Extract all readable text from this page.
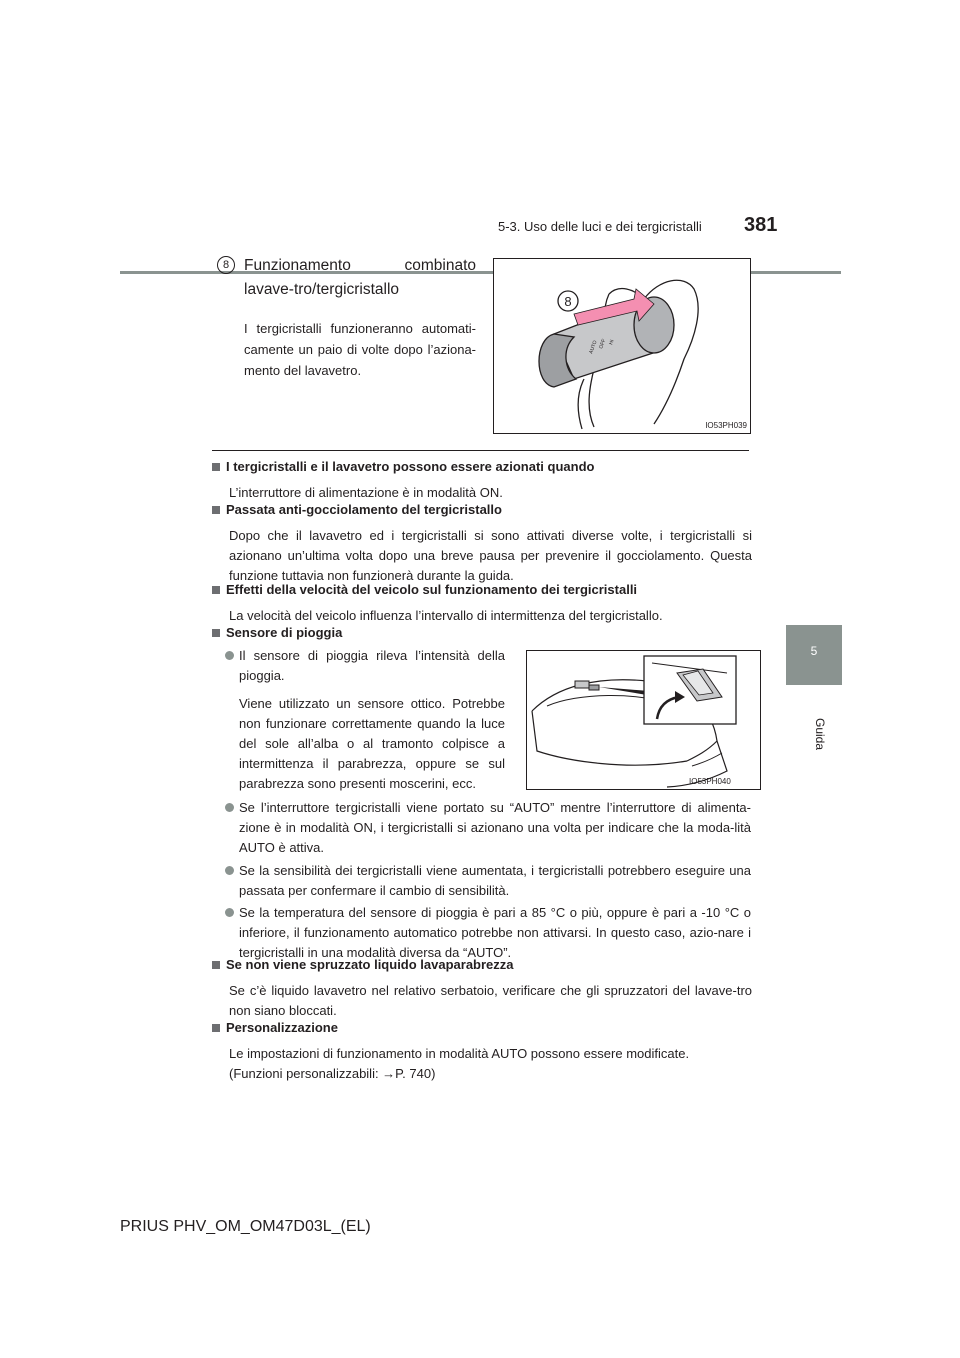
5-3. Uso delle luci e dei tergicristalli 381
5
Guida
8 Funzionamento combinato lavave-tro/tergicristallo
I tergicristalli funzioneranno automati-camente un paio di volte dopo l’aziona-mento del lavavetro.
AUTO OFF HI
8
IO53PH039
I tergicristalli e il lavavetro possono essere azionati quando
L’interruttore di alimentazione è in modalità ON.
Passata anti-gocciolamento del tergicristallo
Dopo che il lavavetro ed i tergicristalli si sono attivati diverse volte, i tergicristalli si azionano un’ultima volta dopo una breve pausa per prevenire il gocciolamento. Questa funzione tuttavia non funzionerà durante la guida.
Effetti della velocità del veicolo sul funzionamento dei tergicristalli
La velocità del veicolo influenza l’intervallo di intermittenza del tergicristallo.
Sensore di pioggia
Il sensore di pioggia rileva l’intensità della pioggia.
Viene utilizzato un sensore ottico. Potrebbe non funzionare correttamente quando la luce del sole all’alba o al tramonto colpisce a intermittenza il parabrezza, oppure se sul parabrezza sono presenti moscerini, ecc.	IO53PH040
Se l’interruttore tergicristalli viene portato su “AUTO” mentre l’interruttore di alimenta-zione è in modalità ON, i tergicristalli si azionano una volta per indicare che la moda-lità AUTO è attiva.
Se la sensibilità dei tergicristalli viene aumentata, i tergicristalli potrebbero eseguire una passata per confermare il cambio di sensibilità.
Se la temperatura del sensore di pioggia è pari a 85 °C o più, oppure è pari a -10 °C o inferiore, il funzionamento automatico potrebbe non attivarsi. In questo caso, azio-nare i tergicristalli in una modalità diversa da “AUTO”.
Se non viene spruzzato liquido lavaparabrezza
Se c’è liquido lavavetro nel relativo serbatoio, verificare che gli spruzzatori del lavave-tro non siano bloccati.
Personalizzazione
Le impostazioni di funzionamento in modalità AUTO possono essere modificate.
(Funzioni personalizzabili: →P. 740)
PRIUS PHV_OM_OM47D03L_(EL)
